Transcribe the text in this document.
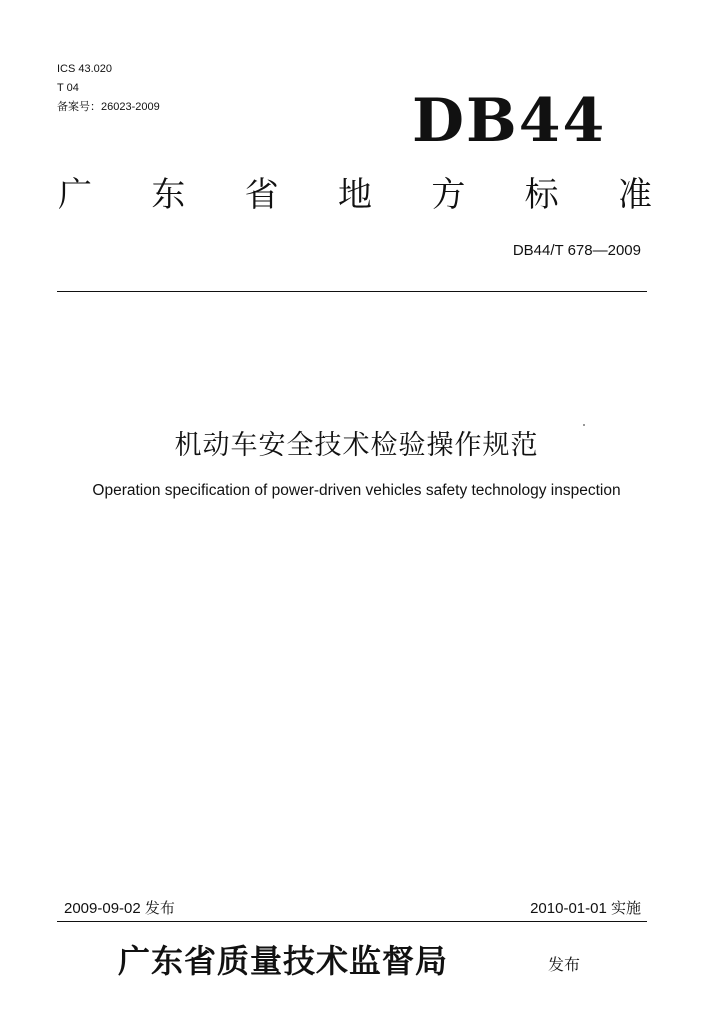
ICS 43.020
T 04
备案号：26023-2009	DB44
广 东 省 地 方 标 准
DB44/T 678—2009
机动车安全技术检验操作规范
Operation specification of power-driven vehicles safety technology inspection
2009-09-02 发布	2010-01-01 实施
广东省质量技术监督局	发布
